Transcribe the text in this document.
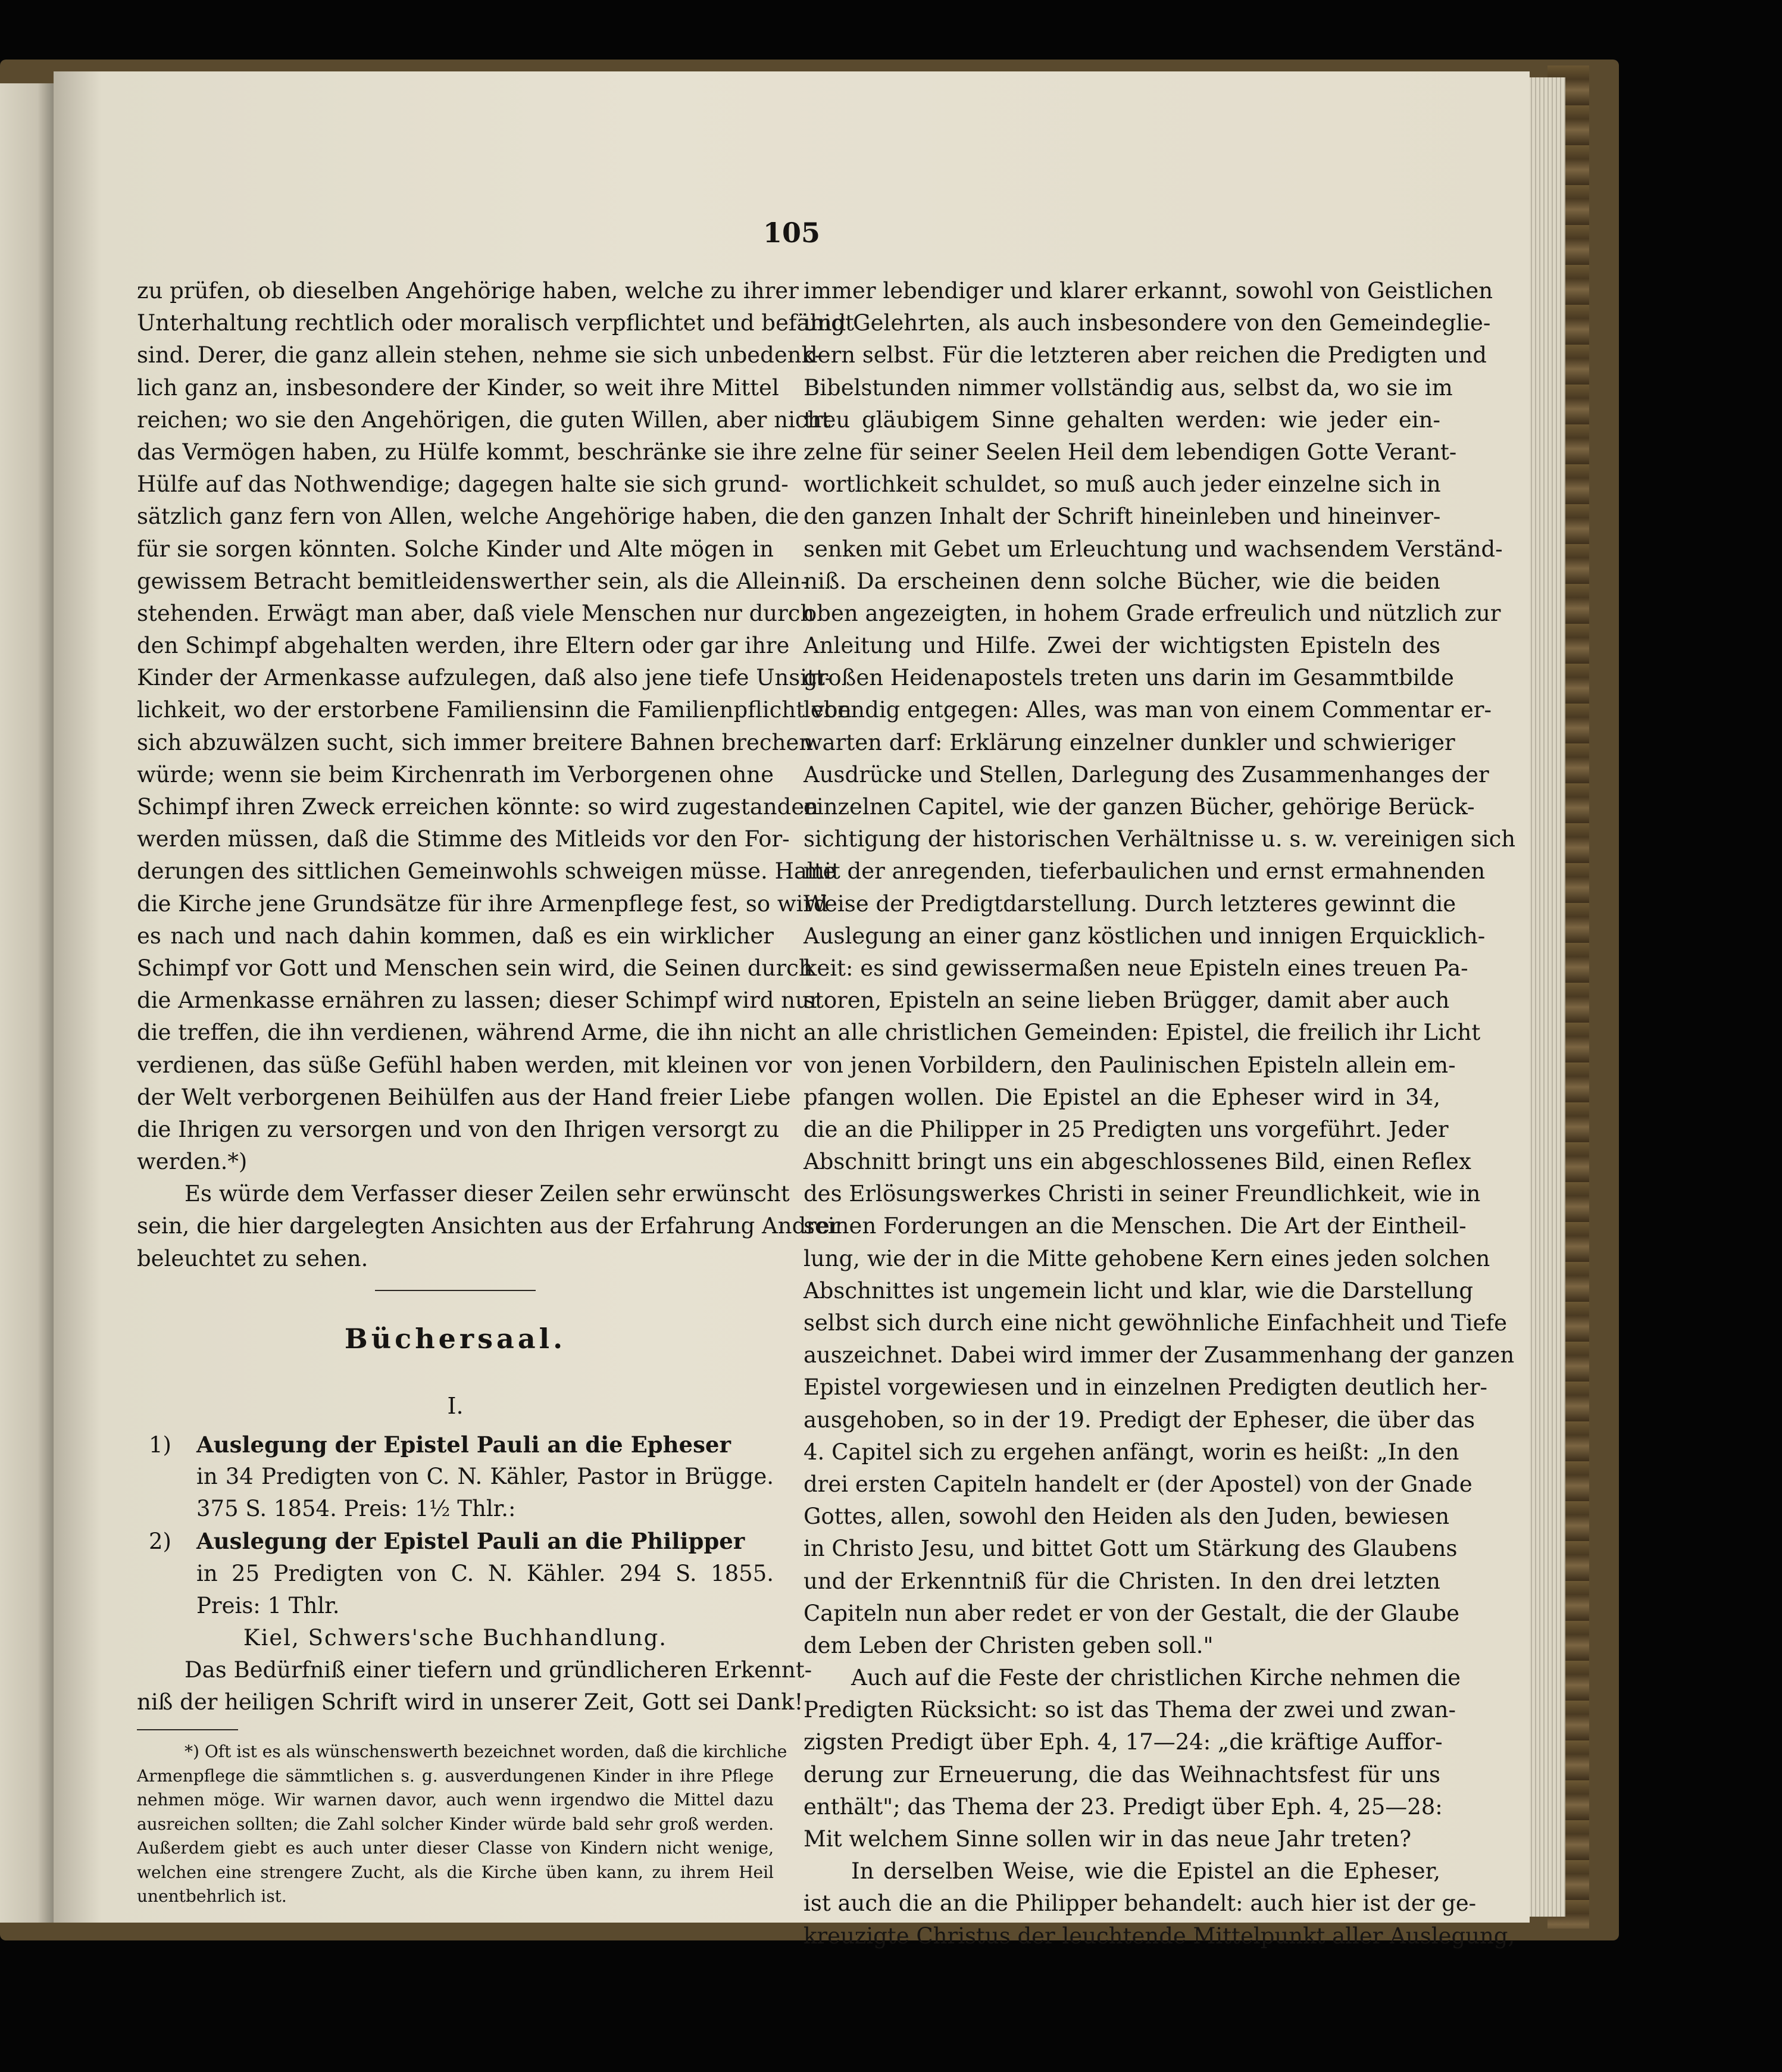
105
zu prüfen, ob dieselben Angehörige haben, welche zu ihrer
Unterhaltung rechtlich oder moralisch verpflichtet und befähigt
sind. Derer, die ganz allein stehen, nehme sie sich unbedenk-
lich ganz an, insbesondere der Kinder, so weit ihre Mittel
reichen; wo sie den Angehörigen, die guten Willen, aber nicht
das Vermögen haben, zu Hülfe kommt, beschränke sie ihre
Hülfe auf das Nothwendige; dagegen halte sie sich grund-
sätzlich ganz fern von Allen, welche Angehörige haben, die
für sie sorgen könnten. Solche Kinder und Alte mögen in
gewissem Betracht bemitleidenswerther sein, als die Allein-
stehenden. Erwägt man aber, daß viele Menschen nur durch
den Schimpf abgehalten werden, ihre Eltern oder gar ihre
Kinder der Armenkasse aufzulegen, daß also jene tiefe Unsitt-
lichkeit, wo der erstorbene Familiensinn die Familienpflicht von
sich abzuwälzen sucht, sich immer breitere Bahnen brechen
würde; wenn sie beim Kirchenrath im Verborgenen ohne
Schimpf ihren Zweck erreichen könnte: so wird zugestanden
werden müssen, daß die Stimme des Mitleids vor den For-
derungen des sittlichen Gemeinwohls schweigen müsse. Halte
die Kirche jene Grundsätze für ihre Armenpflege fest, so wird
es nach und nach dahin kommen, daß es ein wirklicher
Schimpf vor Gott und Menschen sein wird, die Seinen durch
die Armenkasse ernähren zu lassen; dieser Schimpf wird nur
die treffen, die ihn verdienen, während Arme, die ihn nicht
verdienen, das süße Gefühl haben werden, mit kleinen vor
der Welt verborgenen Beihülfen aus der Hand freier Liebe
die Ihrigen zu versorgen und von den Ihrigen versorgt zu
werden.*)
Es würde dem Verfasser dieser Zeilen sehr erwünscht
sein, die hier dargelegten Ansichten aus der Erfahrung Andrer
beleuchtet zu sehen.
Büchersaal.
I.
1) Auslegung der Epistel Pauli an die Epheser
in 34 Predigten von C. N. Kähler, Pastor in Brügge.
375 S. 1854. Preis: 1½ Thlr.:
2) Auslegung der Epistel Pauli an die Philipper
in 25 Predigten von C. N. Kähler. 294 S. 1855.
Preis: 1 Thlr.
Kiel, Schwers'sche Buchhandlung.
Das Bedürfniß einer tiefern und gründlicheren Erkennt-
niß der heiligen Schrift wird in unserer Zeit, Gott sei Dank!
*) Oft ist es als wünschenswerth bezeichnet worden, daß die kirchliche
Armenpflege die sämmtlichen s. g. ausverdungenen Kinder in ihre Pflege
nehmen möge. Wir warnen davor, auch wenn irgendwo die Mittel dazu
ausreichen sollten; die Zahl solcher Kinder würde bald sehr groß werden.
Außerdem giebt es auch unter dieser Classe von Kindern nicht wenige,
welchen eine strengere Zucht, als die Kirche üben kann, zu ihrem Heil
unentbehrlich ist.
immer lebendiger und klarer erkannt, sowohl von Geistlichen
und Gelehrten, als auch insbesondere von den Gemeindeglie-
dern selbst. Für die letzteren aber reichen die Predigten und
Bibelstunden nimmer vollständig aus, selbst da, wo sie im
treu gläubigem Sinne gehalten werden: wie jeder ein-
zelne für seiner Seelen Heil dem lebendigen Gotte Verant-
wortlichkeit schuldet, so muß auch jeder einzelne sich in
den ganzen Inhalt der Schrift hineinleben und hineinver-
senken mit Gebet um Erleuchtung und wachsendem Verständ-
niß. Da erscheinen denn solche Bücher, wie die beiden
oben angezeigten, in hohem Grade erfreulich und nützlich zur
Anleitung und Hilfe. Zwei der wichtigsten Episteln des
großen Heidenapostels treten uns darin im Gesammtbilde
lebendig entgegen: Alles, was man von einem Commentar er-
warten darf: Erklärung einzelner dunkler und schwieriger
Ausdrücke und Stellen, Darlegung des Zusammenhanges der
einzelnen Capitel, wie der ganzen Bücher, gehörige Berück-
sichtigung der historischen Verhältnisse u. s. w. vereinigen sich
mit der anregenden, tieferbaulichen und ernst ermahnenden
Weise der Predigtdarstellung. Durch letzteres gewinnt die
Auslegung an einer ganz köstlichen und innigen Erquicklich-
keit: es sind gewissermaßen neue Episteln eines treuen Pa-
storen, Episteln an seine lieben Brügger, damit aber auch
an alle christlichen Gemeinden: Epistel, die freilich ihr Licht
von jenen Vorbildern, den Paulinischen Episteln allein em-
pfangen wollen. Die Epistel an die Epheser wird in 34,
die an die Philipper in 25 Predigten uns vorgeführt. Jeder
Abschnitt bringt uns ein abgeschlossenes Bild, einen Reflex
des Erlösungswerkes Christi in seiner Freundlichkeit, wie in
seinen Forderungen an die Menschen. Die Art der Eintheil-
lung, wie der in die Mitte gehobene Kern eines jeden solchen
Abschnittes ist ungemein licht und klar, wie die Darstellung
selbst sich durch eine nicht gewöhnliche Einfachheit und Tiefe
auszeichnet. Dabei wird immer der Zusammenhang der ganzen
Epistel vorgewiesen und in einzelnen Predigten deutlich her-
ausgehoben, so in der 19. Predigt der Epheser, die über das
4. Capitel sich zu ergehen anfängt, worin es heißt: „In den
drei ersten Capiteln handelt er (der Apostel) von der Gnade
Gottes, allen, sowohl den Heiden als den Juden, bewiesen
in Christo Jesu, und bittet Gott um Stärkung des Glaubens
und der Erkenntniß für die Christen. In den drei letzten
Capiteln nun aber redet er von der Gestalt, die der Glaube
dem Leben der Christen geben soll."
Auch auf die Feste der christlichen Kirche nehmen die
Predigten Rücksicht: so ist das Thema der zwei und zwan-
zigsten Predigt über Eph. 4, 17—24: „die kräftige Auffor-
derung zur Erneuerung, die das Weihnachtsfest für uns
enthält"; das Thema der 23. Predigt über Eph. 4, 25—28:
Mit welchem Sinne sollen wir in das neue Jahr treten?
In derselben Weise, wie die Epistel an die Epheser,
ist auch die an die Philipper behandelt: auch hier ist der ge-
kreuzigte Christus der leuchtende Mittelpunkt aller Auslegung,
